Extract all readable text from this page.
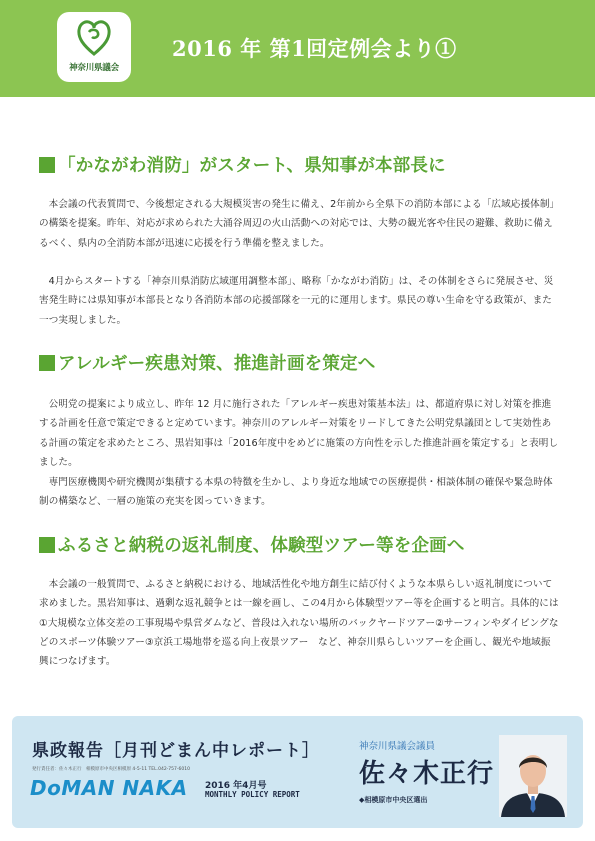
神奈川県議会
2016 年 第1回定例会より①
「かながわ消防」がスタート、県知事が本部長に

本会議の代表質問で、今後想定される大規模災害の発生に備え、2年前から全県下の消防本部による「広域応援体制」の構築を提案。昨年、対応が求められた大涌谷周辺の火山活動への対応では、大勢の観光客や住民の避難、救助に備えるべく、県内の全消防本部が迅速に応援を行う準備を整えました。

4月からスタートする「神奈川県消防広域運用調整本部」、略称「かながわ消防」は、その体制をさらに発展させ、災害発生時には県知事が本部長となり各消防本部の応援部隊を一元的に運用します。県民の尊い生命を守る政策が、また一つ実現しました。

アレルギー疾患対策、推進計画を策定へ

公明党の提案により成立し、昨年 12 月に施行された「アレルギー疾患対策基本法」は、都道府県に対し対策を推進する計画を任意で策定できると定めています。神奈川のアレルギー対策をリードしてきた公明党県議団として実効性ある計画の策定を求めたところ、黒岩知事は「2016年度中をめどに施策の方向性を示した推進計画を策定する」と表明しました。

専門医療機関や研究機関が集積する本県の特徴を生かし、より身近な地域での医療提供・相談体制の確保や緊急時体制の構築など、一層の施策の充実を図っていきます。

ふるさと納税の返礼制度、体験型ツアー等を企画へ

本会議の一般質問で、ふるさと納税における、地域活性化や地方創生に結び付くような本県らしい返礼制度について求めました。黒岩知事は、過剰な返礼競争とは一線を画し、この4月から体験型ツアー等を企画すると明言。具体的には①大規模な立体交差の工事現場や県営ダムなど、普段は入れない場所のバックヤードツアー②サーフィンやダイビングなどのスポーツ体験ツアー③京浜工場地帯を巡る向上夜景ツアー　など、神奈川県らしいツアーを企画し、観光や地域振興につなげます。

県政報告［月刊どまん中レポート］
発行責任者：佐々木正行　相模原市中央区相模原 4-5-11 TEL.042-757-6010
DoMAN NAKA 2016 年4月号
MONTHLY POLICY REPORT
神奈川県議会議員
佐々木正行
◆相模原市中央区選出
